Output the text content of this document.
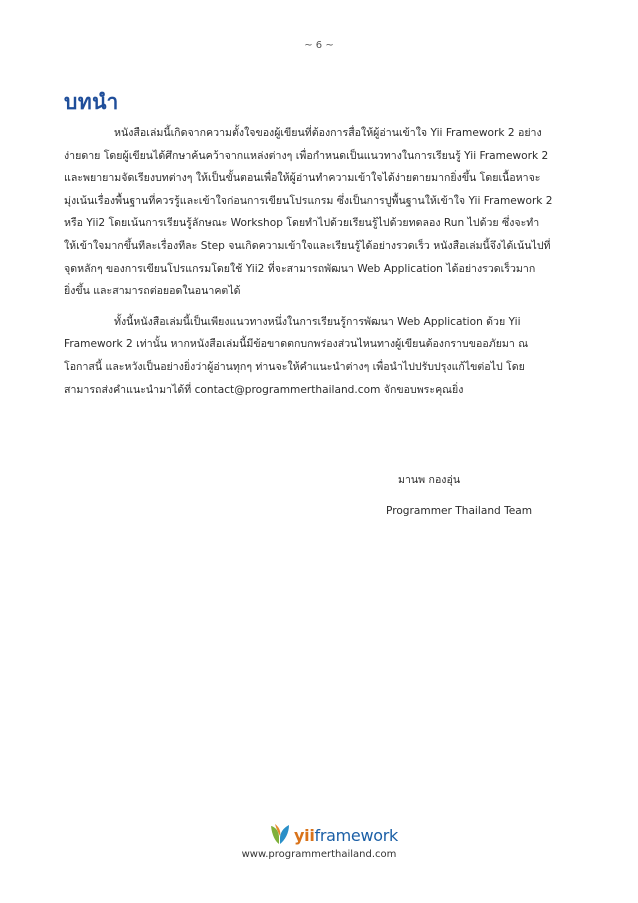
~ 6 ~
บทนำ
หนังสือเล่มนี้เกิดจากความตั้งใจของผู้เขียนที่ต้องการสื่อให้ผู้อ่านเข้าใจ Yii Framework 2 อย่าง
ง่ายดาย โดยผู้เขียนได้ศึกษาค้นคว้าจากแหล่งต่างๆ เพื่อกำหนดเป็นแนวทางในการเรียนรู้ Yii Framework 2
และพยายามจัดเรียงบทต่างๆ ให้เป็นขั้นตอนเพื่อให้ผู้อ่านทำความเข้าใจได้ง่ายตายมากยิ่งขึ้น โดยเนื้อหาจะ
มุ่งเน้นเรื่องพื้นฐานที่ควรรู้และเข้าใจก่อนการเขียนโปรแกรม ซึ่งเป็นการปูพื้นฐานให้เข้าใจ Yii Framework 2
หรือ Yii2 โดยเน้นการเรียนรู้ลักษณะ Workshop โดยทำไปด้วยเรียนรู้ไปด้วยทดลอง Run ไปด้วย ซึ่งจะทำ
ให้เข้าใจมากขึ้นทีละเรื่องทีละ Step จนเกิดความเข้าใจและเรียนรู้ได้อย่างรวดเร็ว หนังสือเล่มนี้จึงได้เน้นไปที่
จุดหลักๆ ของการเขียนโปรแกรมโดยใช้ Yii2 ที่จะสามารถพัฒนา Web Application ได้อย่างรวดเร็วมาก
ยิ่งขึ้น และสามารถต่อยอดในอนาคตได้
ทั้งนี้หนังสือเล่มนี้เป็นเพียงแนวทางหนึ่งในการเรียนรู้การพัฒนา Web Application ด้วย Yii
Framework 2 เท่านั้น หากหนังสือเล่มนี้มีข้อขาดตกบกพร่องส่วนไหนทางผู้เขียนต้องกราบขออภัยมา ณ
โอกาสนี้ และหวังเป็นอย่างยิ่งว่าผู้อ่านทุกๆ ท่านจะให้คำแนะนำต่างๆ เพื่อนำไปปรับปรุงแก้ไขต่อไป โดย
สามารถส่งคำแนะนำมาได้ที่ contact@programmerthailand.com จักขอบพระคุณยิ่ง
มานพ กองอุ่น
Programmer Thailand Team
yiiframework
www.programmerthailand.com
